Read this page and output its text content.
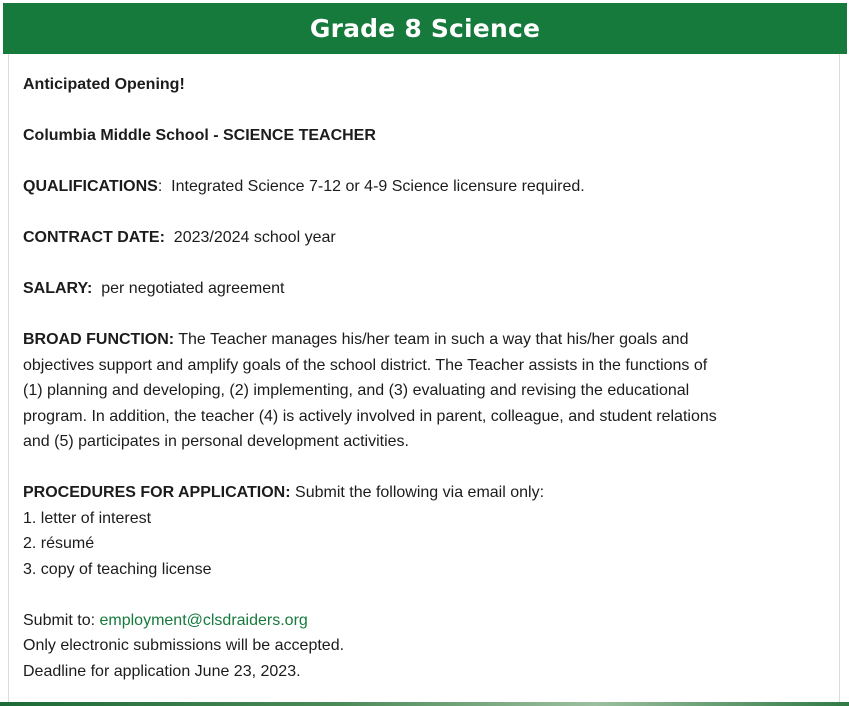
Grade 8 Science

Anticipated Opening!

Columbia Middle School - SCIENCE TEACHER

QUALIFICATIONS:  Integrated Science 7-12 or 4-9 Science licensure required.

CONTRACT DATE: 2023/2024 school year

SALARY: per negotiated agreement

BROAD FUNCTION: The Teacher manages his/her team in such a way that his/her goals and
objectives support and amplify goals of the school district. The Teacher assists in the functions of
(1) planning and developing, (2) implementing, and (3) evaluating and revising the educational
program. In addition, the teacher (4) is actively involved in parent, colleague, and student relations
and (5) participates in personal development activities.

PROCEDURES FOR APPLICATION: Submit the following via email only:
1. letter of interest
2. résumé
3. copy of teaching license

Submit to: employment@clsdraiders.org
Only electronic submissions will be accepted.
Deadline for application June 23, 2023.
